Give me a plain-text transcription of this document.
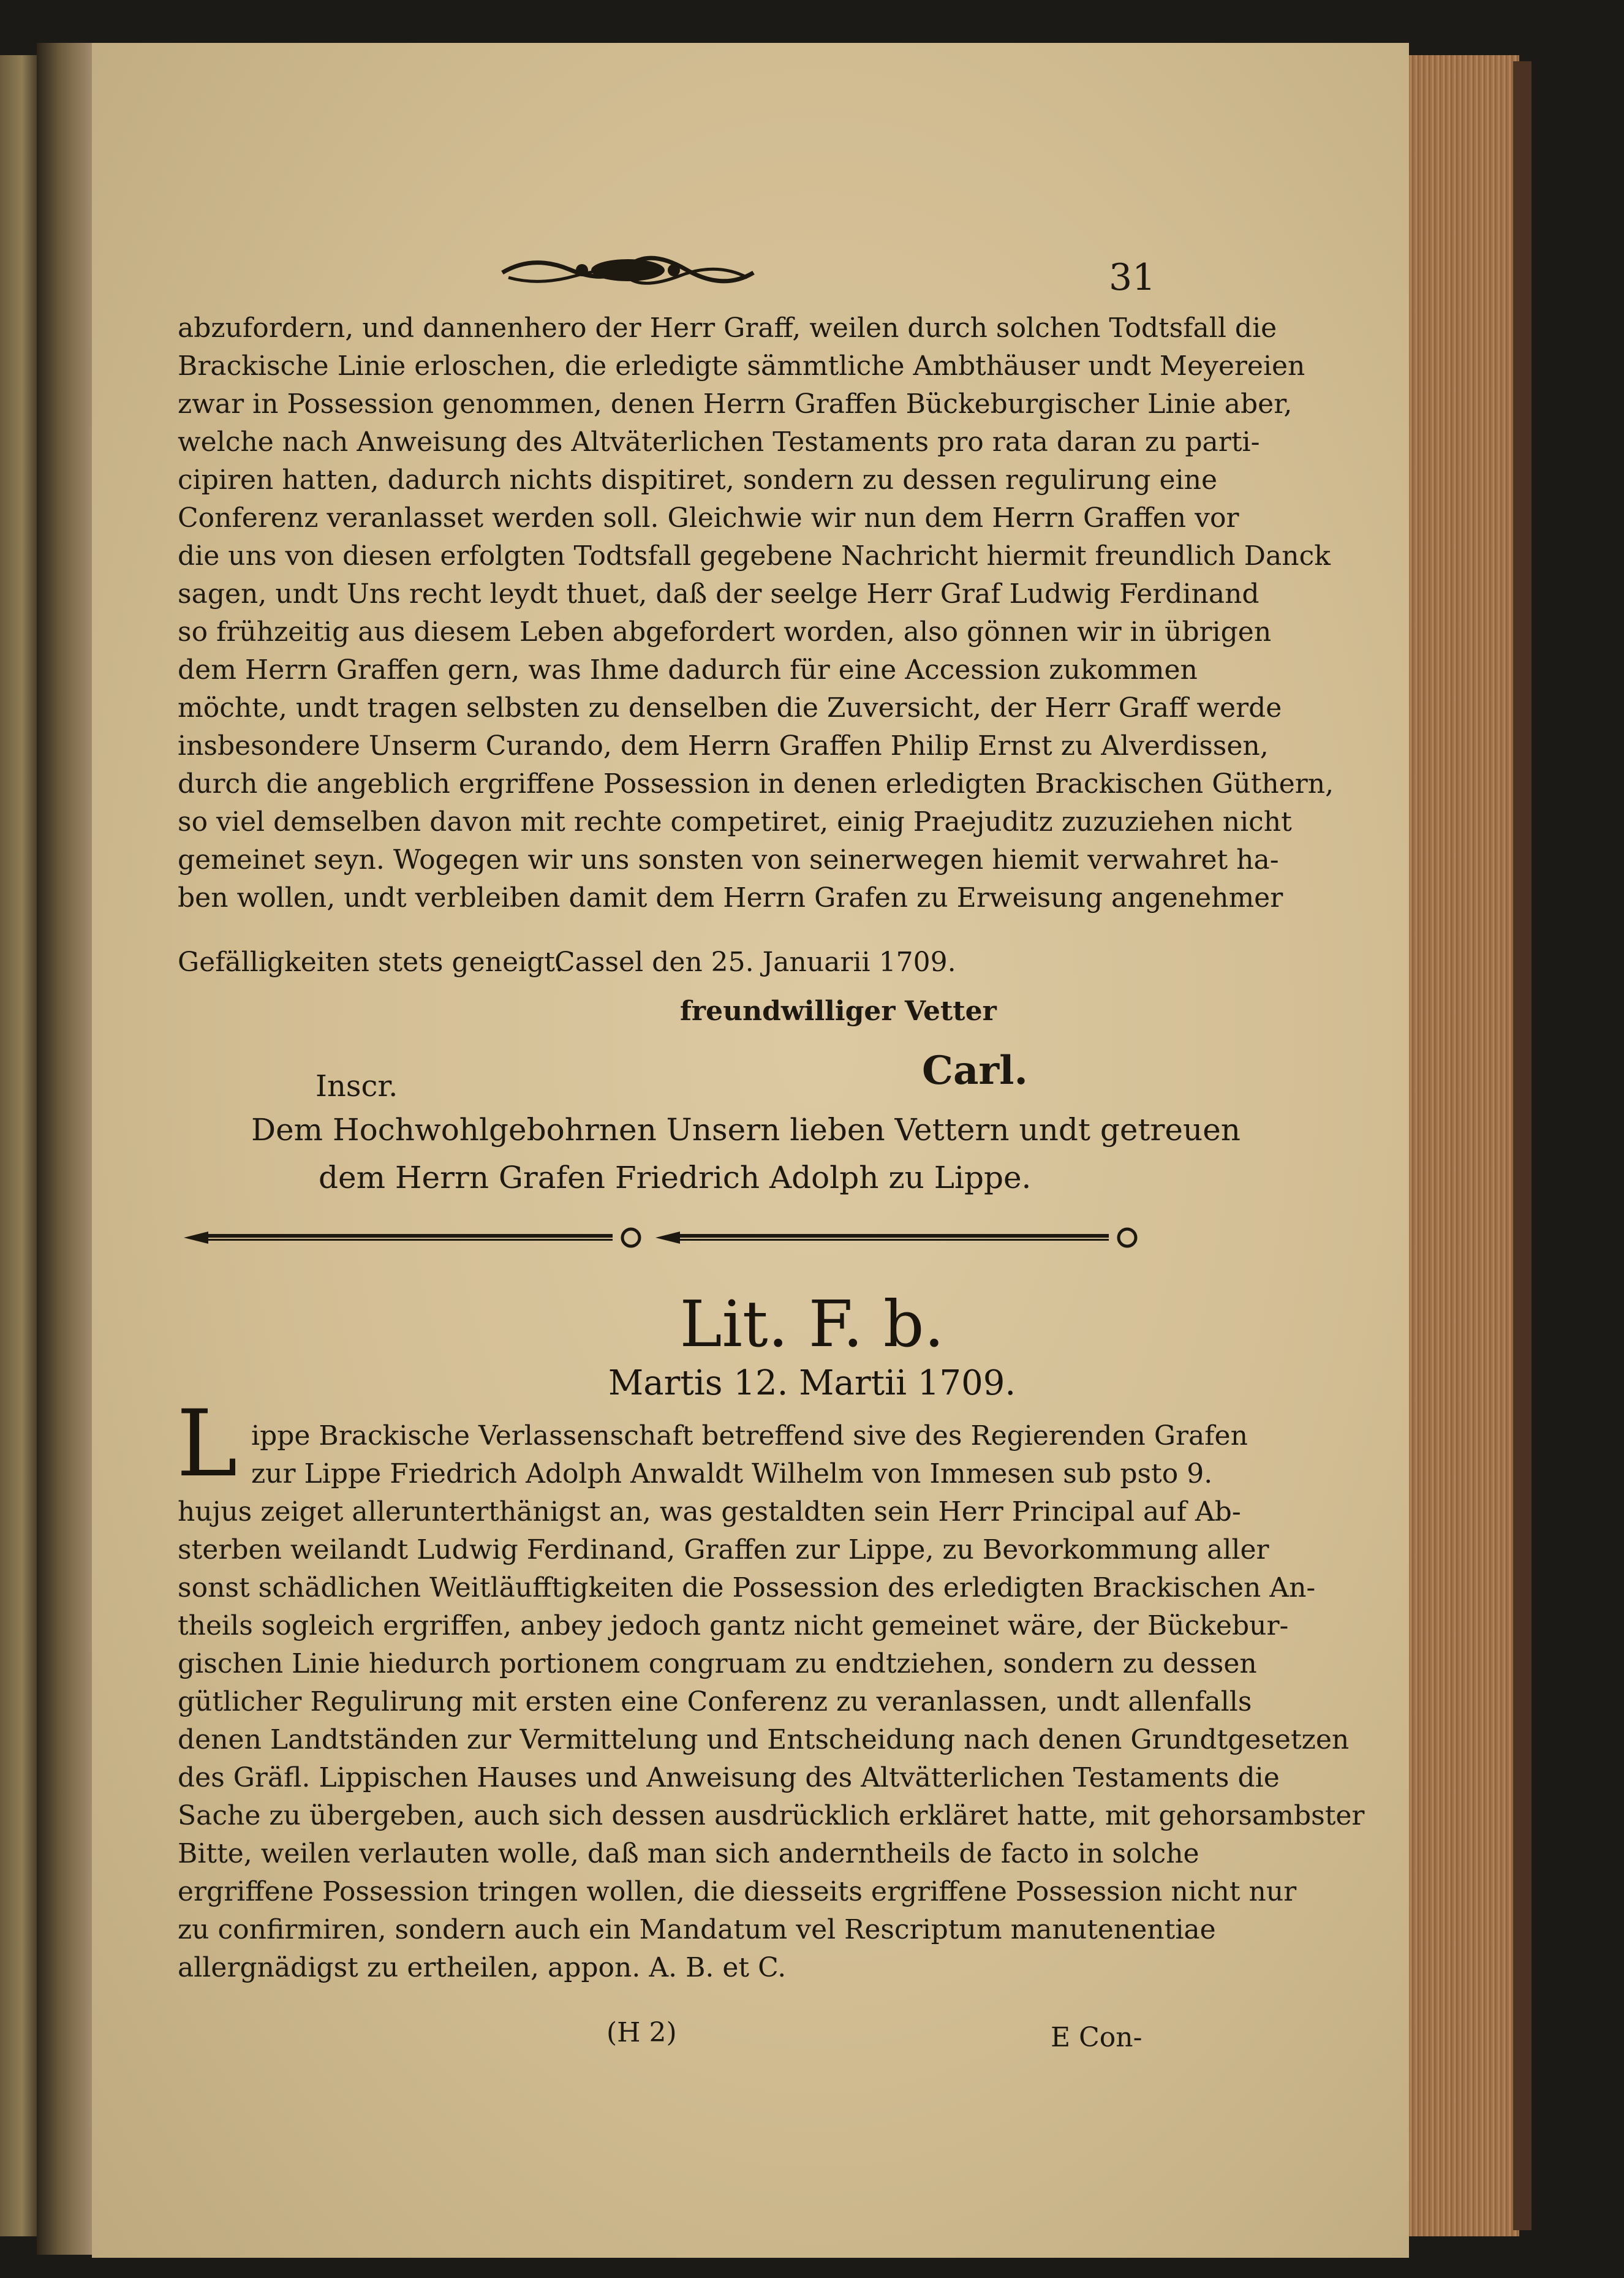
31
abzufordern, und dannenhero der Herr Graff, weilen durch solchen Todtsfall die
Brackische Linie erloschen, die erledigte sämmtliche Ambthäuser undt Meyereien
zwar in Possession genommen, denen Herrn Graffen Bückeburgischer Linie aber,
welche nach Anweisung des Altväterlichen Testaments pro rata daran zu parti-
cipiren hatten, dadurch nichts dispitiret, sondern zu dessen regulirung eine
Conferenz veranlasset werden soll. Gleichwie wir nun dem Herrn Graffen vor
die uns von diesen erfolgten Todtsfall gegebene Nachricht hiermit freundlich Danck
sagen, undt Uns recht leydt thuet, daß der seelge Herr Graf Ludwig Ferdinand
so frühzeitig aus diesem Leben abgefordert worden, also gönnen wir in übrigen
dem Herrn Graffen gern, was Ihme dadurch für eine Accession zukommen
möchte, undt tragen selbsten zu denselben die Zuversicht, der Herr Graff werde
insbesondere Unserm Curando, dem Herrn Graffen Philip Ernst zu Alverdissen,
durch die angeblich ergriffene Possession in denen erledigten Brackischen Güthern,
so viel demselben davon mit rechte competiret, einig Praejuditz zuzuziehen nicht
gemeinet seyn. Wogegen wir uns sonsten von seinerwegen hiemit verwahret ha-
ben wollen, undt verbleiben damit dem Herrn Grafen zu Erweisung angenehmer
Gefälligkeiten stets geneigt.
Cassel den 25. Januarii 1709.
freundwilliger Vetter
Carl.
Inscr.
Dem Hochwohlgebohrnen Unsern lieben Vettern undt getreuen
dem Herrn Grafen Friedrich Adolph zu Lippe.
Lit. F. b.
Martis 12. Martii 1709.
L ippe Brackische Verlassenschaft betreffend sive des Regierenden Grafen
zur Lippe Friedrich Adolph Anwaldt Wilhelm von Immesen sub psto 9.
hujus zeiget allerunterthänigst an, was gestaldten sein Herr Principal auf Ab-
sterben weilandt Ludwig Ferdinand, Graffen zur Lippe, zu Bevorkommung aller
sonst schädlichen Weitläufftigkeiten die Possession des erledigten Brackischen An-
theils sogleich ergriffen, anbey jedoch gantz nicht gemeinet wäre, der Bückebur-
gischen Linie hiedurch portionem congruam zu endtziehen, sondern zu dessen
gütlicher Regulirung mit ersten eine Conferenz zu veranlassen, undt allenfalls
denen Landtständen zur Vermittelung und Entscheidung nach denen Grundtgesetzen
des Gräfl. Lippischen Hauses und Anweisung des Altvätterlichen Testaments die
Sache zu übergeben, auch sich dessen ausdrücklich erkläret hatte, mit gehorsambster
Bitte, weilen verlauten wolle, daß man sich anderntheils de facto in solche
ergriffene Possession tringen wollen, die diesseits ergriffene Possession nicht nur
zu confirmiren, sondern auch ein Mandatum vel Rescriptum manutenentiae
allergnädigst zu ertheilen, appon. A. B. et C.
(H 2)	E Con-
